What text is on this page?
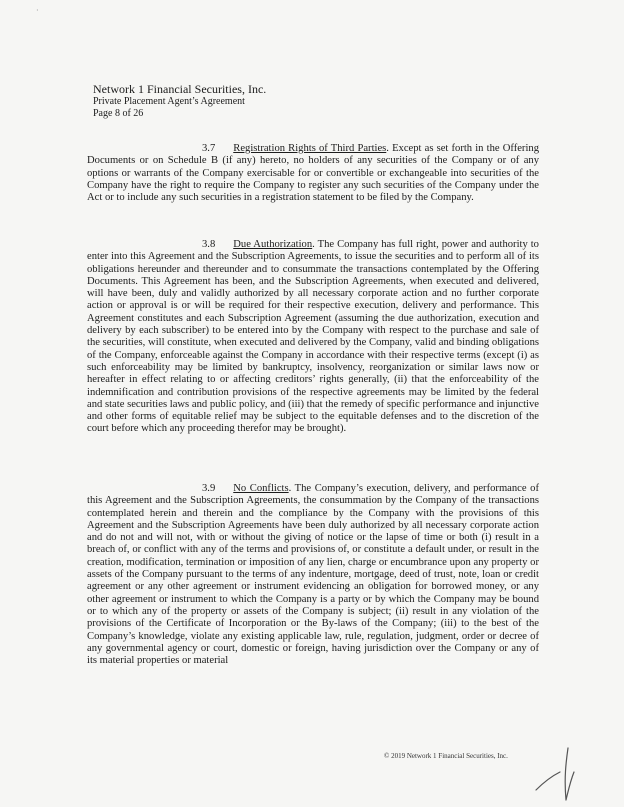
·
Network 1 Financial Securities, Inc.
Private Placement Agent’s Agreement
Page 8 of 26
3.7 Registration Rights of Third Parties. Except as set forth in the Offering Documents or on Schedule B (if any) hereto, no holders of any securities of the Company or of any options or warrants of the Company exercisable for or convertible or exchangeable into securities of the Company have the right to require the Company to register any such securities of the Company under the Act or to include any such securities in a registration statement to be filed by the Company.
3.8 Due Authorization. The Company has full right, power and authority to enter into this Agreement and the Subscription Agreements, to issue the securities and to perform all of its obligations hereunder and thereunder and to consummate the transactions contemplated by the Offering Documents. This Agreement has been, and the Subscription Agreements, when executed and delivered, will have been, duly and validly authorized by all necessary corporate action and no further corporate action or approval is or will be required for their respective execution, delivery and performance. This Agreement constitutes and each Subscription Agreement (assuming the due authorization, execution and delivery by each subscriber) to be entered into by the Company with respect to the purchase and sale of the securities, will constitute, when executed and delivered by the Company, valid and binding obligations of the Company, enforceable against the Company in accordance with their respective terms (except (i) as such enforceability may be limited by bankruptcy, insolvency, reorganization or similar laws now or hereafter in effect relating to or affecting creditors’ rights generally, (ii) that the enforceability of the indemnification and contribution provisions of the respective agreements may be limited by the federal and state securities laws and public policy, and (iii) that the remedy of specific performance and injunctive and other forms of equitable relief may be subject to the equitable defenses and to the discretion of the court before which any proceeding therefor may be brought).
3.9 No Conflicts. The Company’s execution, delivery, and performance of this Agreement and the Subscription Agreements, the consummation by the Company of the transactions contemplated herein and therein and the compliance by the Company with the provisions of this Agreement and the Subscription Agreements have been duly authorized by all necessary corporate action and do not and will not, with or without the giving of notice or the lapse of time or both (i) result in a breach of, or conflict with any of the terms and provisions of, or constitute a default under, or result in the creation, modification, termination or imposition of any lien, charge or encumbrance upon any property or assets of the Company pursuant to the terms of any indenture, mortgage, deed of trust, note, loan or credit agreement or any other agreement or instrument evidencing an obligation for borrowed money, or any other agreement or instrument to which the Company is a party or by which the Company may be bound or to which any of the property or assets of the Company is subject; (ii) result in any violation of the provisions of the Certificate of Incorporation or the By-laws of the Company; (iii) to the best of the Company’s knowledge, violate any existing applicable law, rule, regulation, judgment, order or decree of any governmental agency or court, domestic or foreign, having jurisdiction over the Company or any of its material properties or material
© 2019 Network 1 Financial Securities, Inc.
